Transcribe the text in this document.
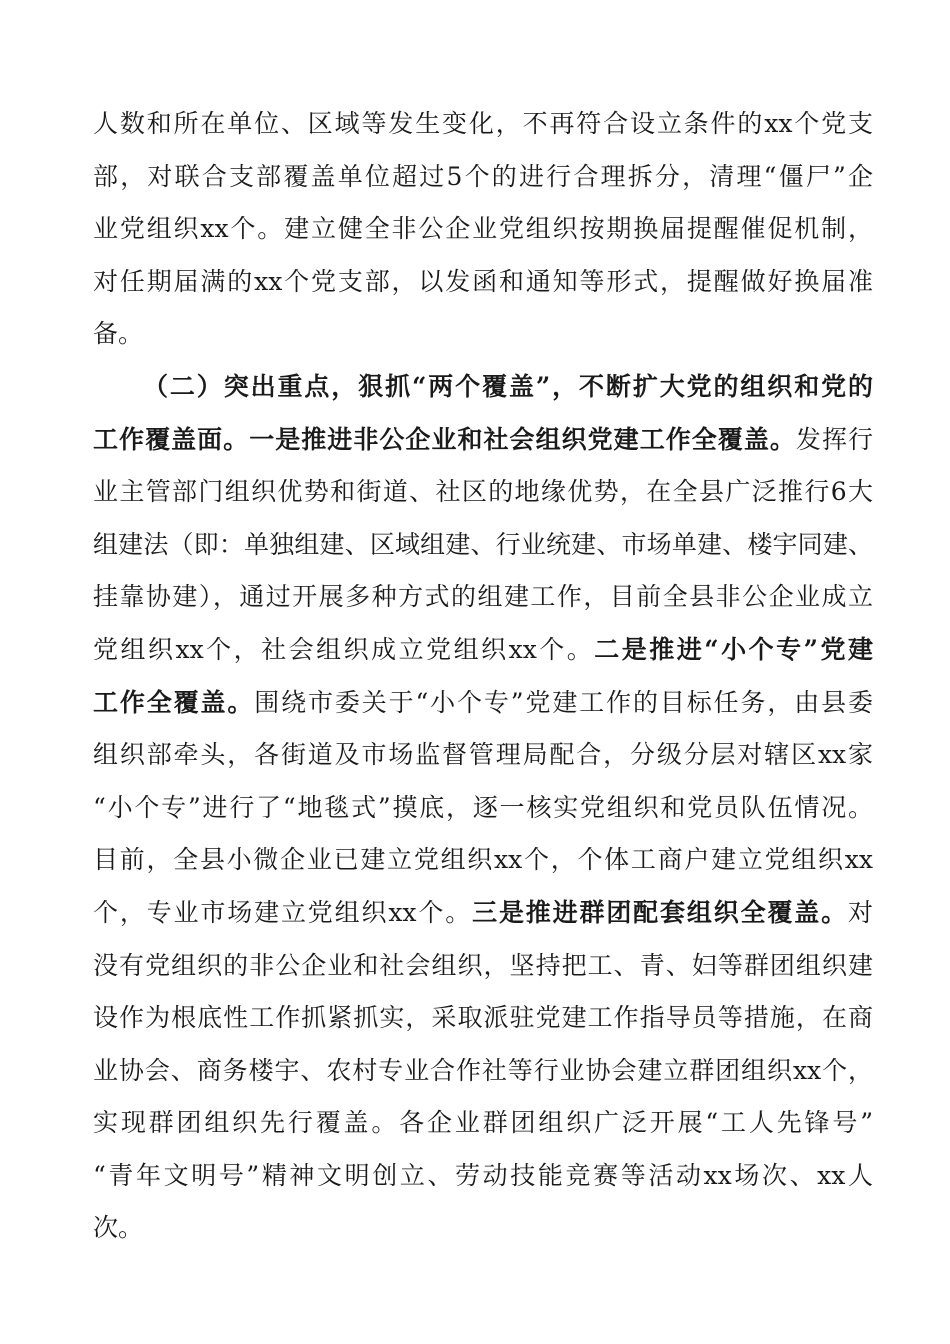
人数和所在单位、区域等发生变化，不再符合设立条件的xx个党支
部，对联合支部覆盖单位超过5个的进行合理拆分，清理“僵尸”企
业党组织xx个。建立健全非公企业党组织按期换届提醒催促机制，
对任期届满的xx个党支部，以发函和通知等形式，提醒做好换届准
备。
（二）突出重点，狠抓“两个覆盖”，不断扩大党的组织和党的
工作覆盖面。一是推进非公企业和社会组织党建工作全覆盖。发挥行
业主管部门组织优势和街道、社区的地缘优势，在全县广泛推行6大
组建法（即：单独组建、区域组建、行业统建、市场单建、楼宇同建、
挂靠协建），通过开展多种方式的组建工作，目前全县非公企业成立
党组织xx个，社会组织成立党组织xx个。二是推进“小个专”党建
工作全覆盖。围绕市委关于“小个专”党建工作的目标任务，由县委
组织部牵头，各街道及市场监督管理局配合，分级分层对辖区xx家
“小个专”进行了“地毯式”摸底，逐一核实党组织和党员队伍情况。
目前，全县小微企业已建立党组织xx个，个体工商户建立党组织xx
个，专业市场建立党组织xx个。三是推进群团配套组织全覆盖。对
没有党组织的非公企业和社会组织，坚持把工、青、妇等群团组织建
设作为根底性工作抓紧抓实，采取派驻党建工作指导员等措施，在商
业协会、商务楼宇、农村专业合作社等行业协会建立群团组织xx个，
实现群团组织先行覆盖。各企业群团组织广泛开展“工人先锋号”
“青年文明号”精神文明创立、劳动技能竞赛等活动xx场次、xx人
次。
